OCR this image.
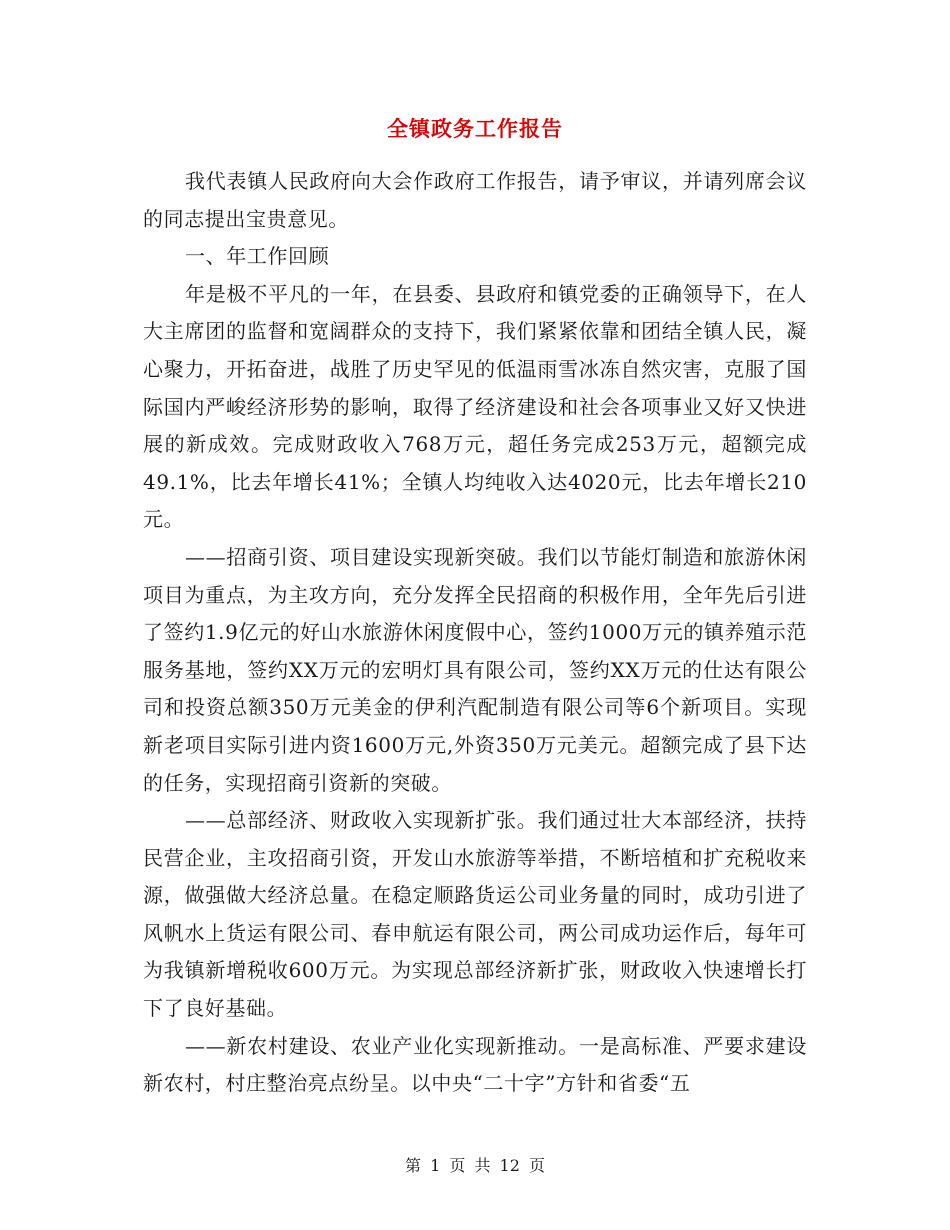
全镇政务工作报告

我代表镇人民政府向大会作政府工作报告，请予审议，并请列席会议的同志提出宝贵意见。

一、年工作回顾

年是极不平凡的一年，在县委、县政府和镇党委的正确领导下，在人大主席团的监督和宽阔群众的支持下，我们紧紧依靠和团结全镇人民，凝心聚力，开拓奋进，战胜了历史罕见的低温雨雪冰冻自然灾害，克服了国际国内严峻经济形势的影响，取得了经济建设和社会各项事业又好又快进展的新成效。完成财政收入768万元，超任务完成253万元，超额完成49.1%，比去年增长41%；全镇人均纯收入达4020元，比去年增长210元。

——招商引资、项目建设实现新突破。我们以节能灯制造和旅游休闲项目为重点，为主攻方向，充分发挥全民招商的积极作用，全年先后引进了签约1.9亿元的好山水旅游休闲度假中心，签约1000万元的镇养殖示范服务基地，签约XX万元的宏明灯具有限公司，签约XX万元的仕达有限公司和投资总额350万元美金的伊利汽配制造有限公司等6个新项目。实现新老项目实际引进内资1600万元,外资350万元美元。超额完成了县下达的任务，实现招商引资新的突破。

——总部经济、财政收入实现新扩张。我们通过壮大本部经济，扶持民营企业，主攻招商引资，开发山水旅游等举措，不断培植和扩充税收来源，做强做大经济总量。在稳定顺路货运公司业务量的同时，成功引进了风帆水上货运有限公司、春申航运有限公司，两公司成功运作后，每年可为我镇新增税收600万元。为实现总部经济新扩张，财政收入快速增长打下了良好基础。

——新农村建设、农业产业化实现新推动。一是高标准、严要求建设新农村，村庄整治亮点纷呈。以中央“二十字”方针和省委“五

第 1 页 共 12 页
